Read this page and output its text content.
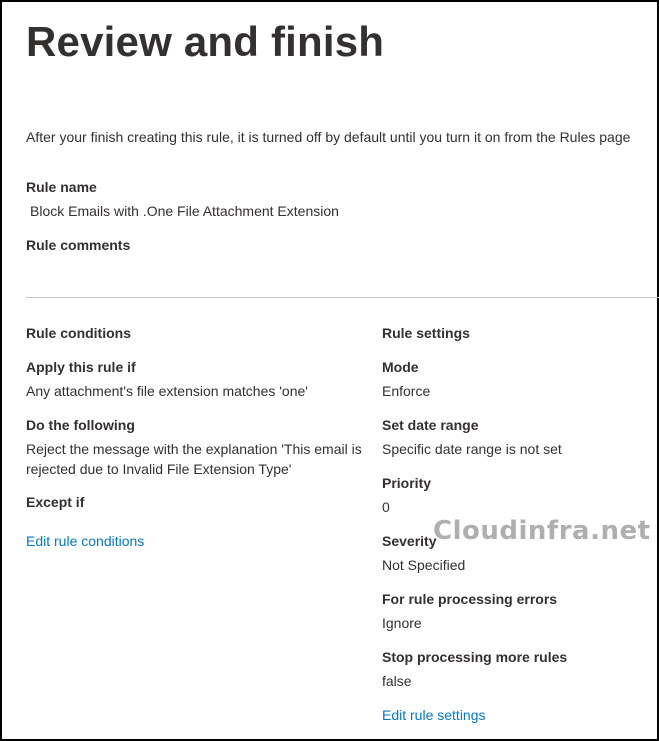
Review and finish
After your finish creating this rule, it is turned off by default until you turn it on from the Rules page
Rule name
Block Emails with .One File Attachment Extension
Rule comments
Rule conditions
Apply this rule if
Any attachment's file extension matches 'one'
Do the following
Reject the message with the explanation 'This email is rejected due to Invalid File Extension Type'
Except if
Edit rule conditions
Rule settings
Mode
Enforce
Set date range
Specific date range is not set
Priority
0
Severity
Not Specified
For rule processing errors
Ignore
Stop processing more rules
false
Edit rule settings
Cloudinfra.net
